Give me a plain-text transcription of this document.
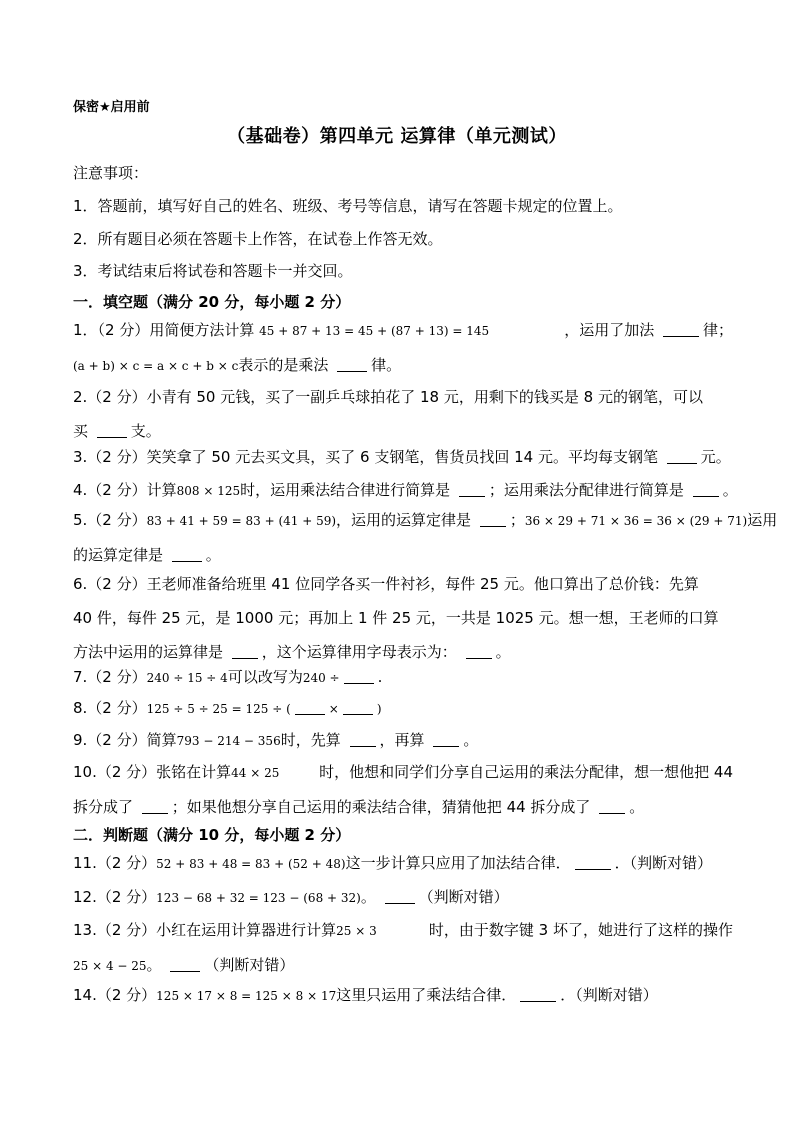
保密★启用前
（基础卷）第四单元 运算律（单元测试）
注意事项：
1．答题前，填写好自己的姓名、班级、考号等信息，请写在答题卡规定的位置上。
2．所有题目必须在答题卡上作答，在试卷上作答无效。
3．考试结束后将试卷和答题卡一并交回。
一．填空题（满分 20 分，每小题 2 分）
1．（2 分）用简便方法计算 45 + 87 + 13 = 45 + (87 + 13) = 145	，运用了加法	律；
(a + b) × c = a × c + b × c表示的是乘法	律。
2.（2 分）小青有 50 元钱，买了一副乒乓球拍花了 18 元，用剩下的钱买是 8 元的钢笔，可以
买	支。
3.（2 分）笑笑拿了 50 元去买文具，买了 6 支钢笔，售货员找回 14 元。平均每支钢笔	元。
4.（2 分）计算808 × 125时，运用乘法结合律进行简算是	；运用乘法分配律进行简算是	。
5.（2 分）83 + 41 + 59 = 83 + (41 + 59)，运用的运算定律是	； 36 × 29 + 71 × 36 = 36 × (29 + 71)运用
的运算定律是	。
6.（2 分）王老师准备给班里 41 位同学各买一件衬衫，每件 25 元。他口算出了总价钱：先算
40 件，每件 25 元，是 1000 元；再加上 1 件 25 元，一共是 1025 元。想一想，王老师的口算
方法中运用的运算律是	，这个运算律用字母表示为：	。
7.（2 分）240 ÷ 15 ÷ 4可以改写为240 ÷	.
8.（2 分）125 ÷ 5 ÷ 25 = 125 ÷ (	×	)
9.（2 分）简算793 − 214 − 356时，先算	，再算	。
10.（2 分）张铭在计算44 × 25	时，他想和同学们分享自己运用的乘法分配律，想一想他把 44
拆分成了	；如果他想分享自己运用的乘法结合律，猜猜他把 44 拆分成了	。
二．判断题（满分 10 分，每小题 2 分）
11.（2 分）52 + 83 + 48 = 83 + (52 + 48)这一步计算只应用了加法结合律．	．（判断对错）
12.（2 分）123 − 68 + 32 = 123 − (68 + 32)。	（判断对错）
13.（2 分）小红在运用计算器进行计算25 × 3	时，由于数字键 3 坏了，她进行了这样的操作
25 × 4 − 25。	（判断对错）
14.（2 分）125 × 17 × 8 = 125 × 8 × 17这里只运用了乘法结合律．	．（判断对错）
